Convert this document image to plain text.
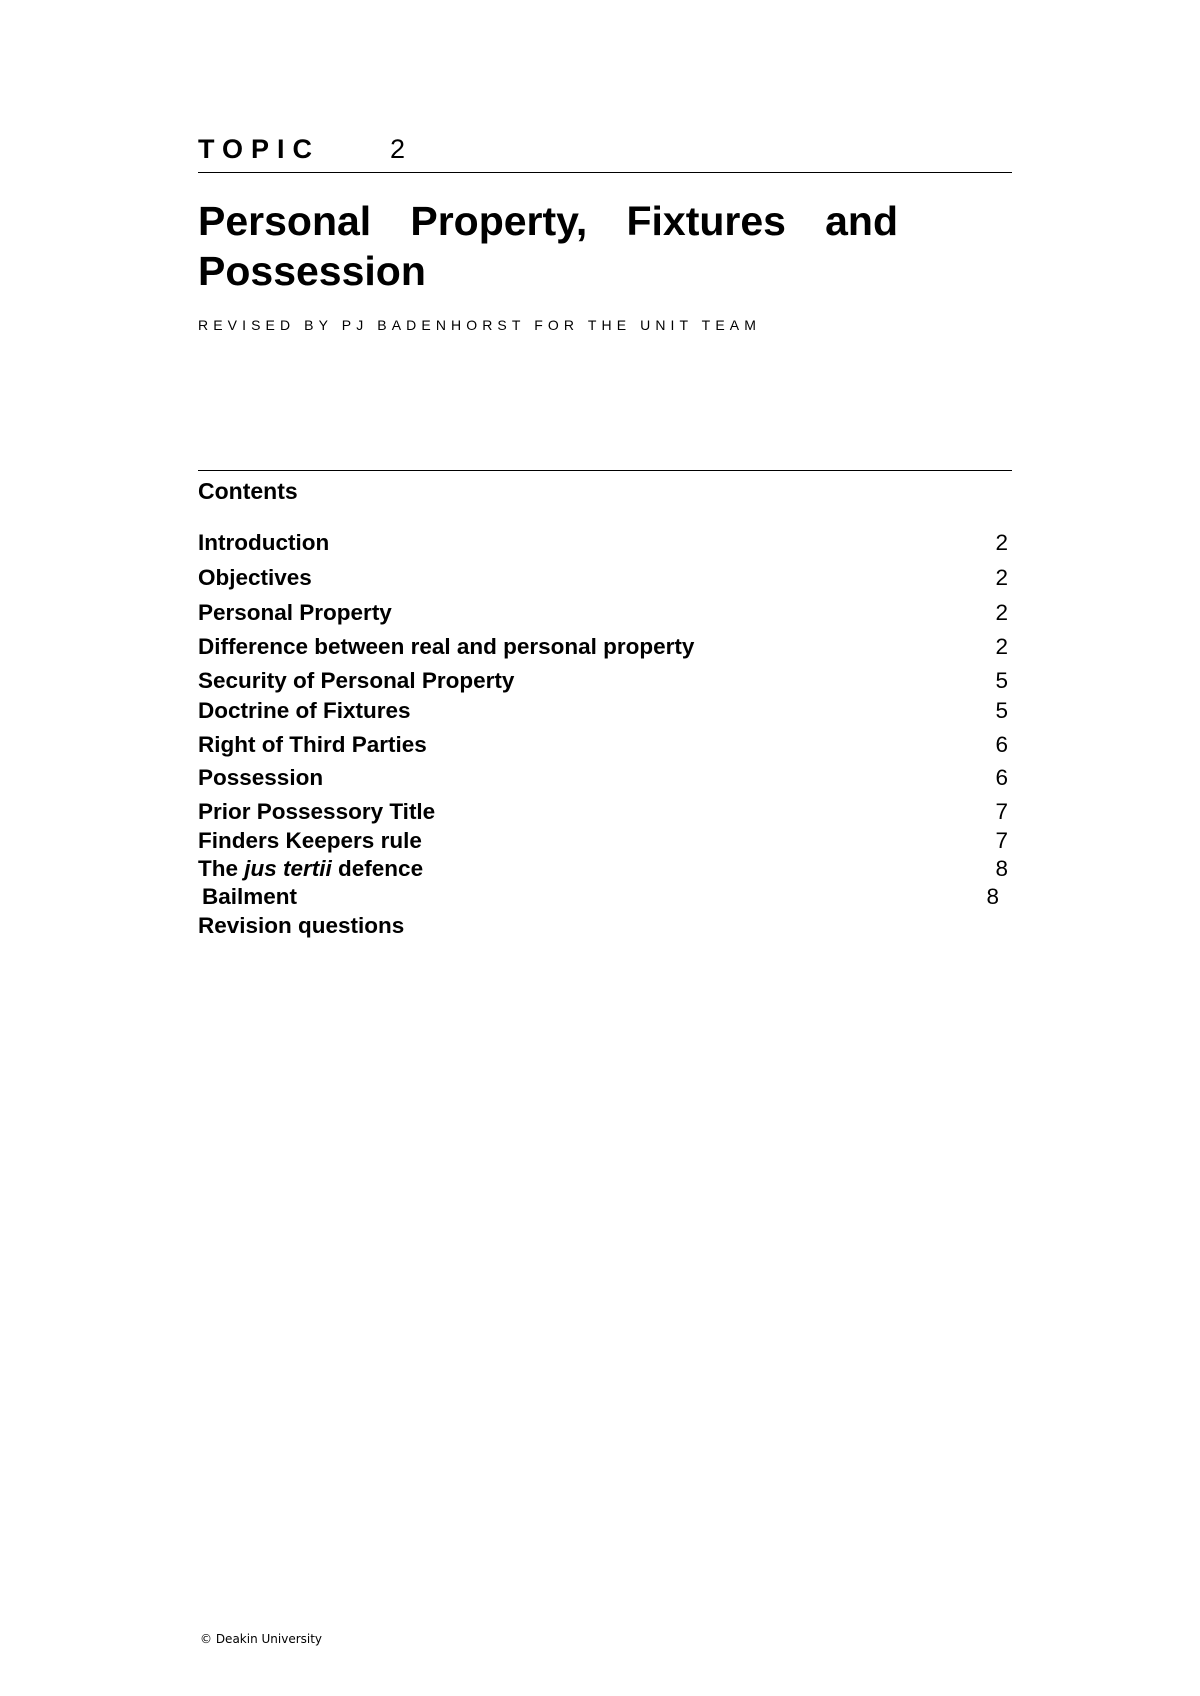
TOPIC	2
Personal Property, Fixtures and Possession
REVISED BY PJ BADENHORST FOR THE UNIT TEAM
Contents
Introduction	2
Objectives	2
Personal Property	2
Difference between real and personal property	2
Security of Personal Property	5
Doctrine of Fixtures	5
Right of Third Parties	6
Possession	6
Prior Possessory Title	7
Finders Keepers rule	7
The jus tertii defence	8
Bailment	8
Revision questions
© Deakin University
